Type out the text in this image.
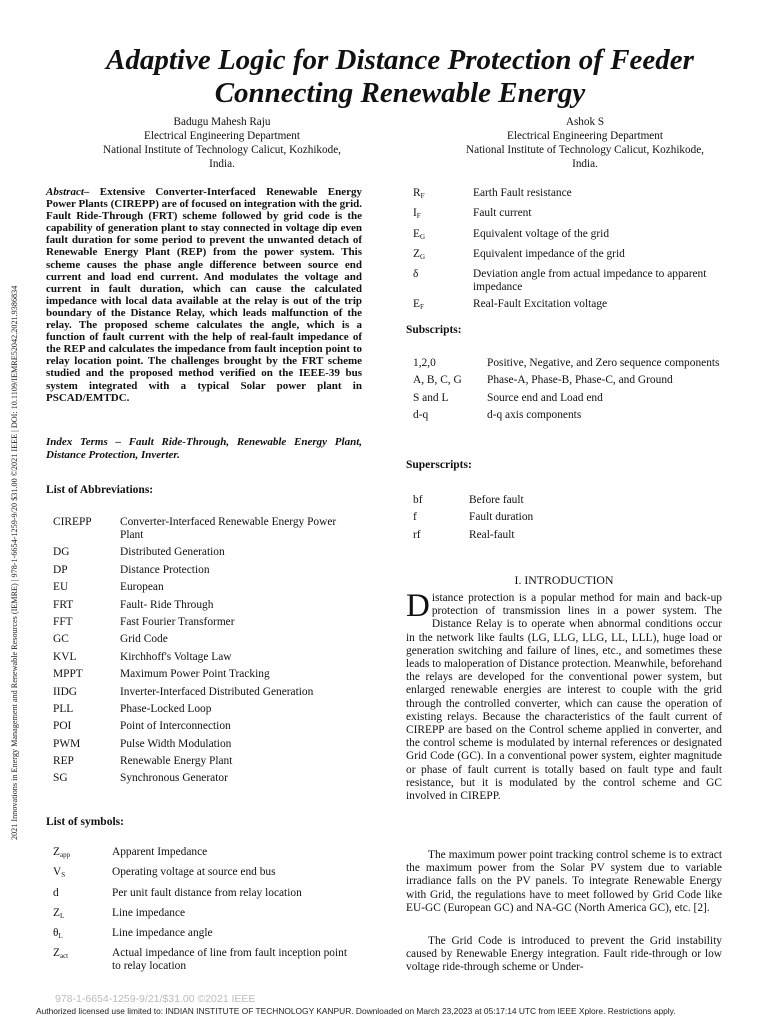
Adaptive Logic for Distance Protection of Feeder
Connecting Renewable Energy
Badugu Mahesh Raju
Electrical Engineering Department
National Institute of Technology Calicut, Kozhikode,
India.
Ashok S
Electrical Engineering Department
National Institute of Technology Calicut, Kozhikode,
India.
2021 Innovations in Energy Management and Renewable Resources (IEMRE) | 978-1-6654-1259-9/20 $31.00 ©2021 IEEE | DOI: 10.1109/IEMRE52042.2021.9386834
Abstract– Extensive Converter-Interfaced Renewable Energy Power Plants (CIREPP) are of focused on integration with the grid. Fault Ride-Through (FRT) scheme followed by grid code is the capability of generation plant to stay connected in voltage dip even fault duration for some period to prevent the unwanted detach of Renewable Energy Plant (REP) from the power system. This scheme causes the phase angle difference between source end current and load end current. And modulates the voltage and current in fault duration, which can cause the calculated impedance with local data available at the relay is out of the trip boundary of the Distance Relay, which leads malfunction of the relay. The proposed scheme calculates the angle, which is a function of fault current with the help of real-fault impedance of the REP and calculates the impedance from fault inception point to relay location point. The challenges brought by the FRT scheme studied and the proposed method verified on the IEEE-39 bus system integrated with a typical Solar power plant in PSCAD/EMTDC.
Index Terms – Fault Ride-Through, Renewable Energy Plant, Distance Protection, Inverter.
List of Abbreviations:
CIREPP	Converter-Interfaced Renewable Energy Power Plant
DG	Distributed Generation
DP	Distance Protection
EU	European
FRT	Fault- Ride Through
FFT	Fast Fourier Transformer
GC	Grid Code
KVL	Kirchhoff's Voltage Law
MPPT	Maximum Power Point Tracking
IIDG	Inverter-Interfaced Distributed Generation
PLL	Phase-Locked Loop
POI	Point of Interconnection
PWM	Pulse Width Modulation
REP	Renewable Energy Plant
SG	Synchronous Generator
List of symbols:
$Z_{app}$	Apparent Impedance
$V_S$	Operating voltage at source end bus
d	Per unit fault distance from relay location
$Z_L$	Line impedance
$\theta_L$	Line impedance angle
$Z_{act}$	Actual impedance of line from fault inception point to relay location
$R_F$	Earth Fault resistance
$I_F$	Fault current
$E_G$	Equivalent voltage of the grid
$Z_G$	Equivalent impedance of the grid
δ	Deviation angle from actual impedance to apparent impedance
$E_F$	Real-Fault Excitation voltage
Subscripts:
1,2,0	Positive, Negative, and Zero sequence components
A, B, C, G	Phase-A, Phase-B, Phase-C, and Ground
S and L	Source end and Load end
d-q	d-q axis components
Superscripts:
bf	Before fault
f	Fault duration
rf	Real-fault
I. INTRODUCTION
Distance protection is a popular method for main and back-up protection of transmission lines in a power system. The Distance Relay is to operate when abnormal conditions occur in the network like faults (LG, LLG, LLG, LL, LLL), huge load or generation switching and failure of lines, etc., and sometimes these leads to maloperation of Distance protection. Meanwhile, beforehand the relays are developed for the conventional power system, but enlarged renewable energies are interest to couple with the grid through the controlled converter, which can cause the operation of existing relays. Because the characteristics of the fault current of CIREPP are based on the Control scheme applied in converter, and the control scheme is modulated by internal references or designated Grid Code (GC). In a conventional power system, eighter magnitude or phase of fault current is totally based on fault type and fault resistance, but it is modulated by the control scheme and GC involved in CIREPP.
The maximum power point tracking control scheme is to extract the maximum power from the Solar PV system due to variable irradiance falls on the PV panels. To integrate Renewable Energy with Grid, the regulations have to meet followed by Grid Code like EU-GC (European GC) and NA-GC (North America GC), etc. [2].
The Grid Code is introduced to prevent the Grid instability caused by Renewable Energy integration. Fault ride-through or low voltage ride-through scheme or Under-
978-1-6654-1259-9/21/$31.00 ©2021 IEEE
Authorized licensed use limited to: INDIAN INSTITUTE OF TECHNOLOGY KANPUR. Downloaded on March 23,2023 at 05:17:14 UTC from IEEE Xplore. Restrictions apply.
